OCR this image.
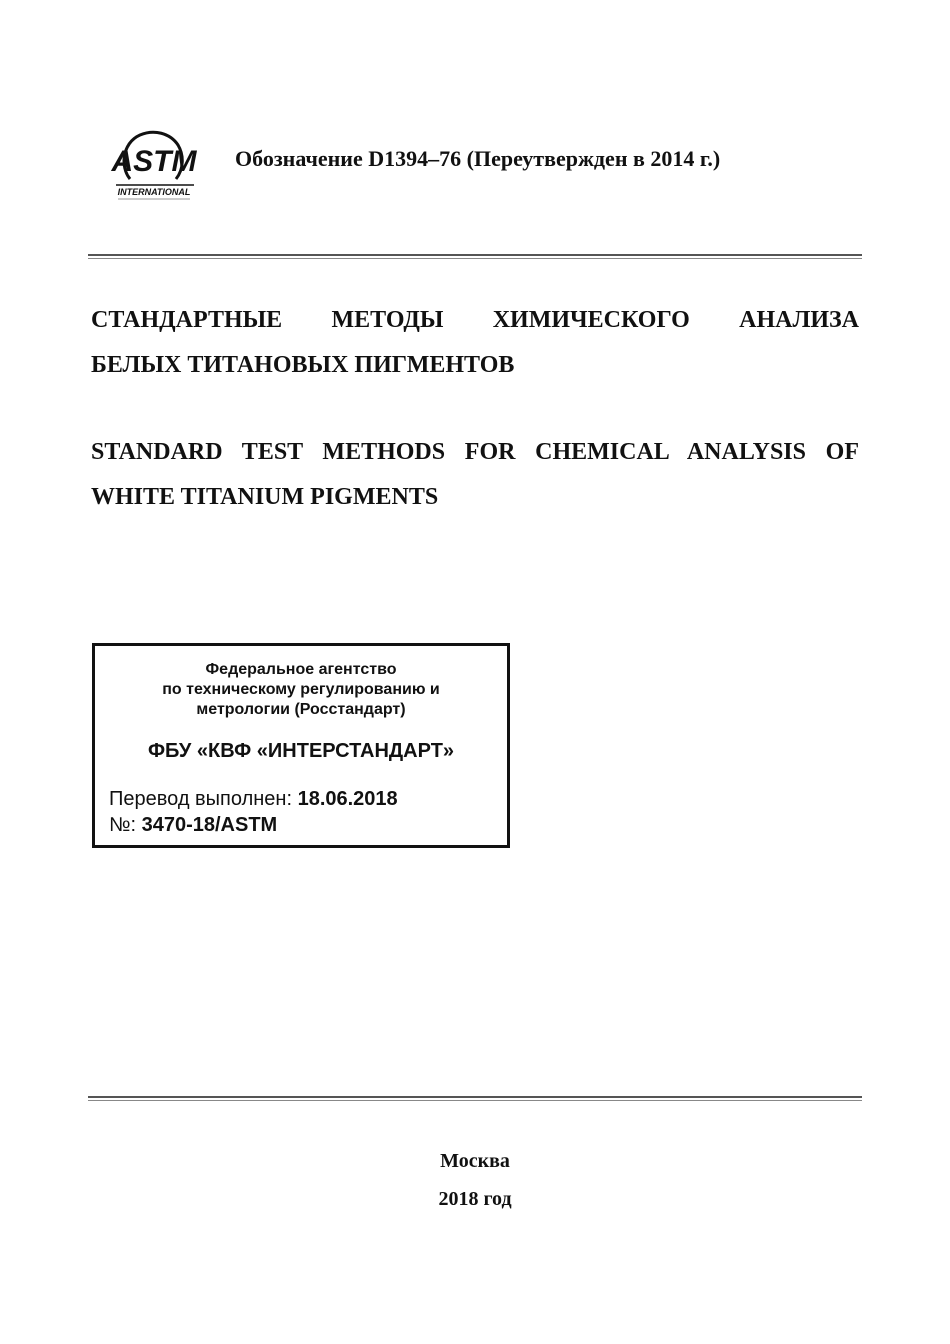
ASTM
INTERNATIONAL
Обозначение D1394–76 (Переутвержден в 2014 г.)
СТАНДАРТНЫЕ МЕТОДЫ ХИМИЧЕСКОГО АНАЛИЗА
БЕЛЫХ ТИТАНОВЫХ ПИГМЕНТОВ
STANDARD TEST METHODS FOR CHEMICAL ANALYSIS OF
WHITE TITANIUM PIGMENTS
Федеральное агентство
по техническому регулированию и
метрологии (Росстандарт)
ФБУ «КВФ «ИНТЕРСТАНДАРТ»
Перевод выполнен: 18.06.2018
№: 3470-18/ASTM
Москва
2018 год
